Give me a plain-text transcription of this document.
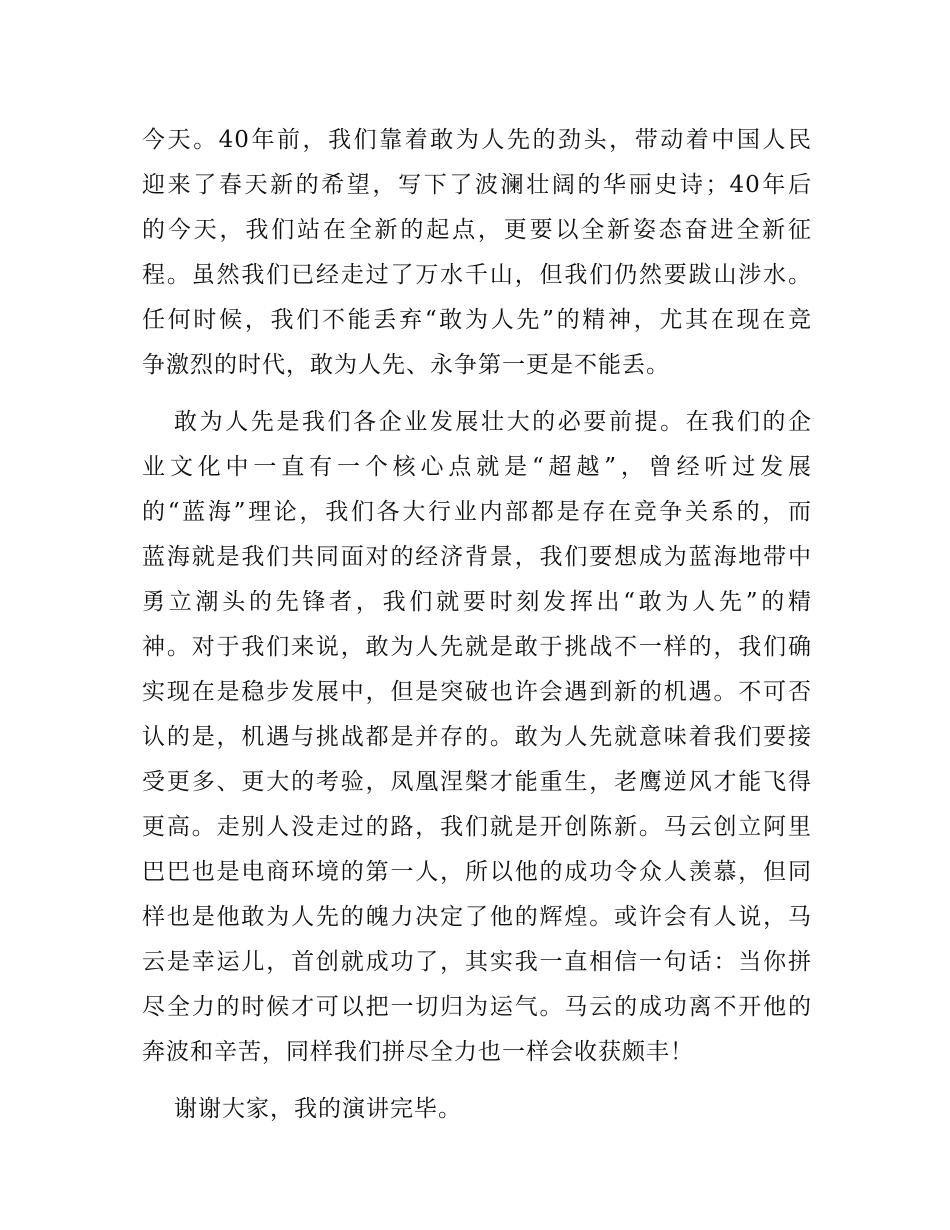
今天。40年前，我们靠着敢为人先的劲头，带动着中国人民
迎来了春天新的希望，写下了波澜壮阔的华丽史诗；40年后
的今天，我们站在全新的起点，更要以全新姿态奋进全新征
程。虽然我们已经走过了万水千山，但我们仍然要跋山涉水。
任何时候，我们不能丢弃“敢为人先”的精神，尤其在现在竞
争激烈的时代，敢为人先、永争第一更是不能丢。
敢为人先是我们各企业发展壮大的必要前提。在我们的企
业文化中一直有一个核心点就是“超越”，曾经听过发展
的“蓝海”理论，我们各大行业内部都是存在竞争关系的，而
蓝海就是我们共同面对的经济背景，我们要想成为蓝海地带中
勇立潮头的先锋者，我们就要时刻发挥出“敢为人先”的精
神。对于我们来说，敢为人先就是敢于挑战不一样的，我们确
实现在是稳步发展中，但是突破也许会遇到新的机遇。不可否
认的是，机遇与挑战都是并存的。敢为人先就意味着我们要接
受更多、更大的考验，凤凰涅槃才能重生，老鹰逆风才能飞得
更高。走别人没走过的路，我们就是开创陈新。马云创立阿里
巴巴也是电商环境的第一人，所以他的成功令众人羡慕，但同
样也是他敢为人先的魄力决定了他的辉煌。或许会有人说，马
云是幸运儿，首创就成功了，其实我一直相信一句话：当你拼
尽全力的时候才可以把一切归为运气。马云的成功离不开他的
奔波和辛苦，同样我们拼尽全力也一样会收获颇丰！
谢谢大家，我的演讲完毕。
